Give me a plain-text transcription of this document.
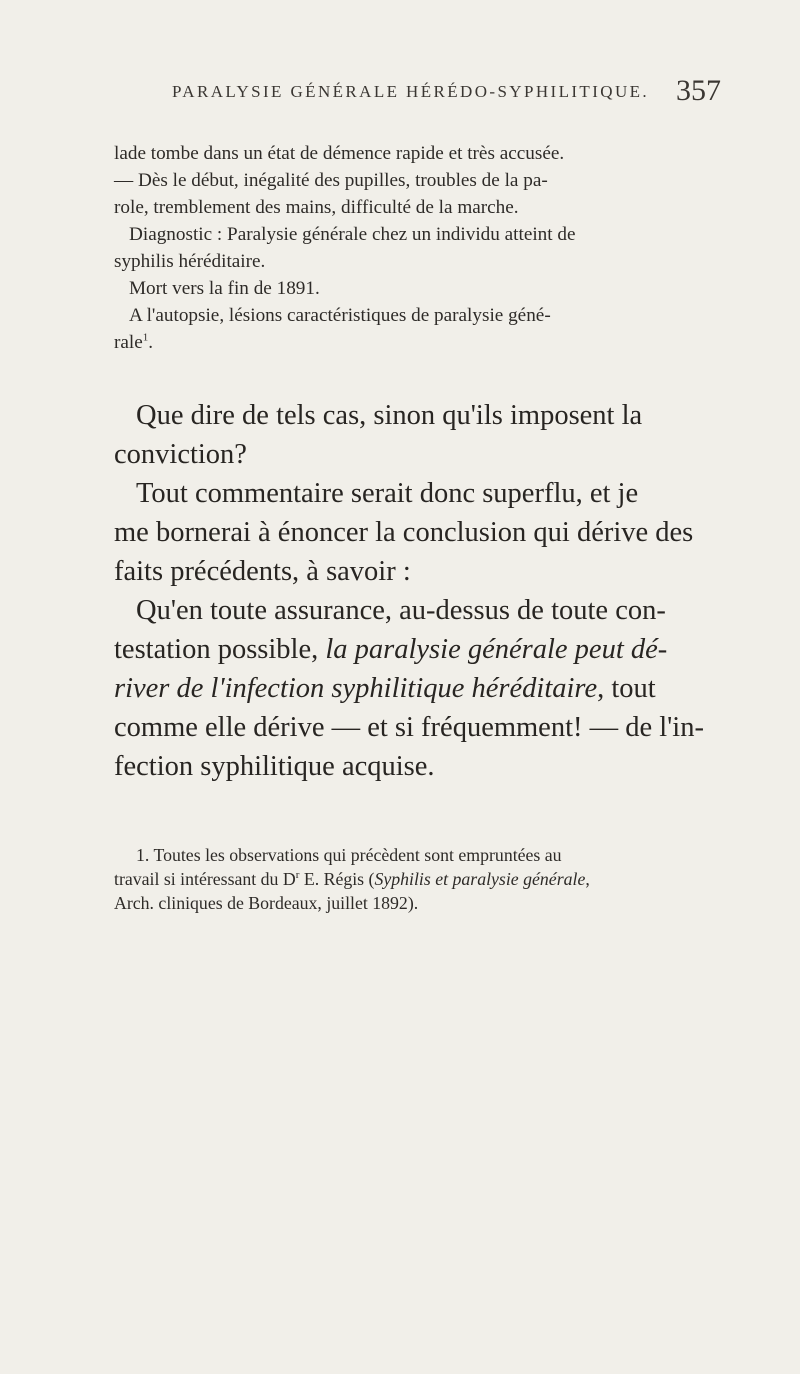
PARALYSIE GÉNÉRALE HÉRÉDO-SYPHILITIQUE. 357
lade tombe dans un état de démence rapide et très accusée.
— Dès le début, inégalité des pupilles, troubles de la pa-
role, tremblement des mains, difficulté de la marche.
Diagnostic : Paralysie générale chez un individu atteint de
syphilis héréditaire.
Mort vers la fin de 1891.
A l'autopsie, lésions caractéristiques de paralysie géné-
rale$^1$.
Que dire de tels cas, sinon qu'ils imposent la
conviction?
Tout commentaire serait donc superflu, et je
me bornerai à énoncer la conclusion qui dérive des
faits précédents, à savoir :
Qu'en toute assurance, au-dessus de toute con-
testation possible, la paralysie générale peut dé-
river de l'infection syphilitique héréditaire, tout
comme elle dérive — et si fréquemment! — de l'in-
fection syphilitique acquise.
1. Toutes les observations qui précèdent sont empruntées au
travail si intéressant du $D^r$ E. Régis (Syphilis et paralysie générale,
Arch. cliniques de Bordeaux, juillet 1892).
